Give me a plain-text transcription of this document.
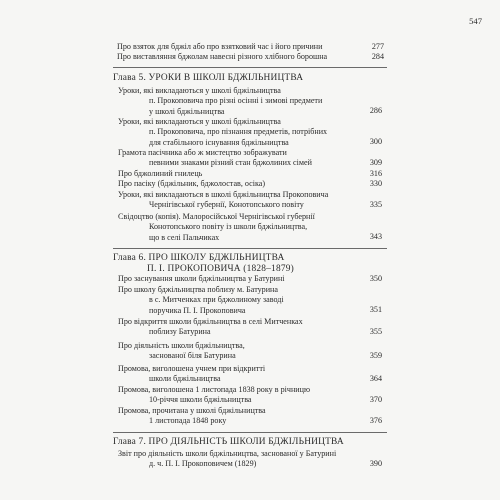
547
Про взяток для бджіл або про взятковий час і його причини	277
Про виставляння бджолам навесні різного хлібного борошна	284
Глава 5. УРОКИ В ШКОЛІ БДЖІЛЬНИЦТВА
Уроки, які викладаються у школі бджільництва
п. Прокоповича про різні осінні і зимові предмети
у школі бджільництва	286
Уроки, які викладаються у школі бджільництва
п. Прокоповича, про пізнання предметів, потрібних
для стабільного існування бджільництва	300
Грамота пасічника або ж мистецтво зображувати
певними знаками різний стан бджолиних сімей	309
Про бджолиний гнилець	316
Про пасіку (бджільник, бджолостав, осіка)	330
Уроки, які викладаються в школі бджільництва Прокоповича
Чернігівської губернії, Конотопського повіту	335
Свідоцтво (копія). Малоросійської Чернігівської губернії
Конотопського повіту із школи бджільництва,
що в селі Пальчиках	343
Глава 6. ПРО ШКОЛУ БДЖІЛЬНИЦТВА
П. І. ПРОКОПОВИЧА (1828–1879)
Про заснування школи бджільництва у Батурині	350
Про школу бджільництва поблизу м. Батурина
в с. Митченках при бджолиному заводі
поручика П. І. Прокоповича	351
Про відкриття школи бджільництва в селі Митченках
поблизу Батурина	355
Про діяльність школи бджільництва,
заснованої біля Батурина	359
Промова, виголошена учнем при відкритті
школи бджільництва	364
Промова, виголошена 1 листопада 1838 року в річницю
10-річчя школи бджільництва	370
Промова, прочитана у школі бджільництва
1 листопада 1848 року	376
Глава 7. ПРО ДІЯЛЬНІСТЬ ШКОЛИ БДЖІЛЬНИЦТВА
Звіт про діяльність школи бджільництва, заснованої у Батурині
д. ч. П. І. Прокоповичем (1829)	390
